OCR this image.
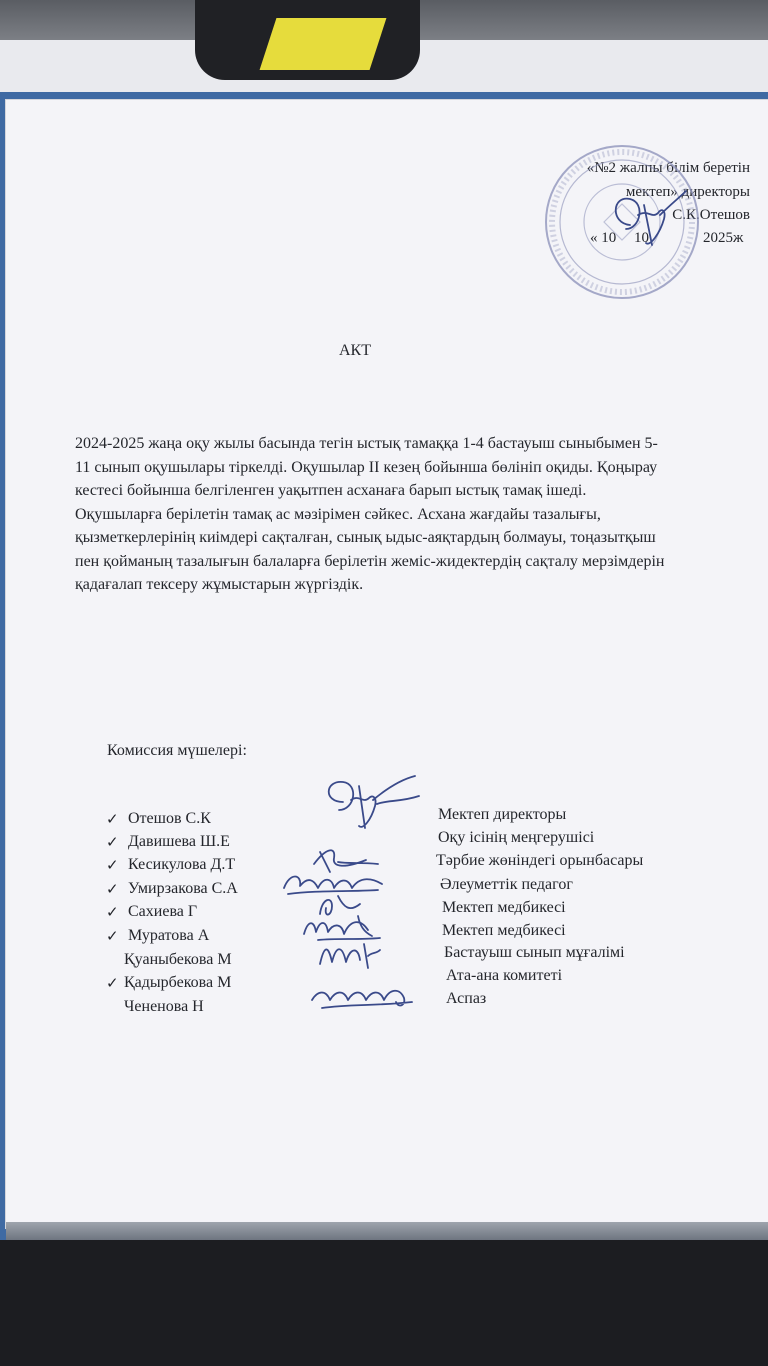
«№2 жалпы білім беретін
мектеп» директоры
С.К.Отешов
« 10 10	2025ж
АКТ
2024-2025 жаңа оқу жылы басында тегін ыстық тамаққа 1-4 бастауыш сыныбымен 5-
11 сынып оқушылары тіркелді. Оқушылар II кезең бойынша бөлініп оқиды. Қоңырау
кестесі бойынша белгіленген уақытпен асханаға барып ыстық тамақ ішеді.
Оқушыларға берілетін тамақ ас мәзірімен сәйкес. Асхана жағдайы тазалығы,
қызметкерлерінің киімдері сақталған, сынық ыдыс-аяқтардың болмауы, тоңазытқыш
пен қойманың тазалығын балаларға берілетін жеміс-жидектердің сақталу мерзімдерін
қадағалап тексеру жұмыстарын жүргіздік.
Комиссия мүшелері:
✓
✓
✓
✓
✓
✓
✓
Отешов С.К
Давишева Ш.Е
Кесикулова Д.Т
Умирзакова С.А
Сахиева Г
Муратова А
Қуаныбекова М
Қадырбекова М
Чененова Н
Мектеп директоры
Оқу ісінің меңгерушісі
Тәрбие жөніндегі орынбасары
Әлеуметтік педагог
Мектеп медбикесі
Мектеп медбикесі
Бастауыш сынып мұғалімі
Ата-ана комитеті
Аспаз
